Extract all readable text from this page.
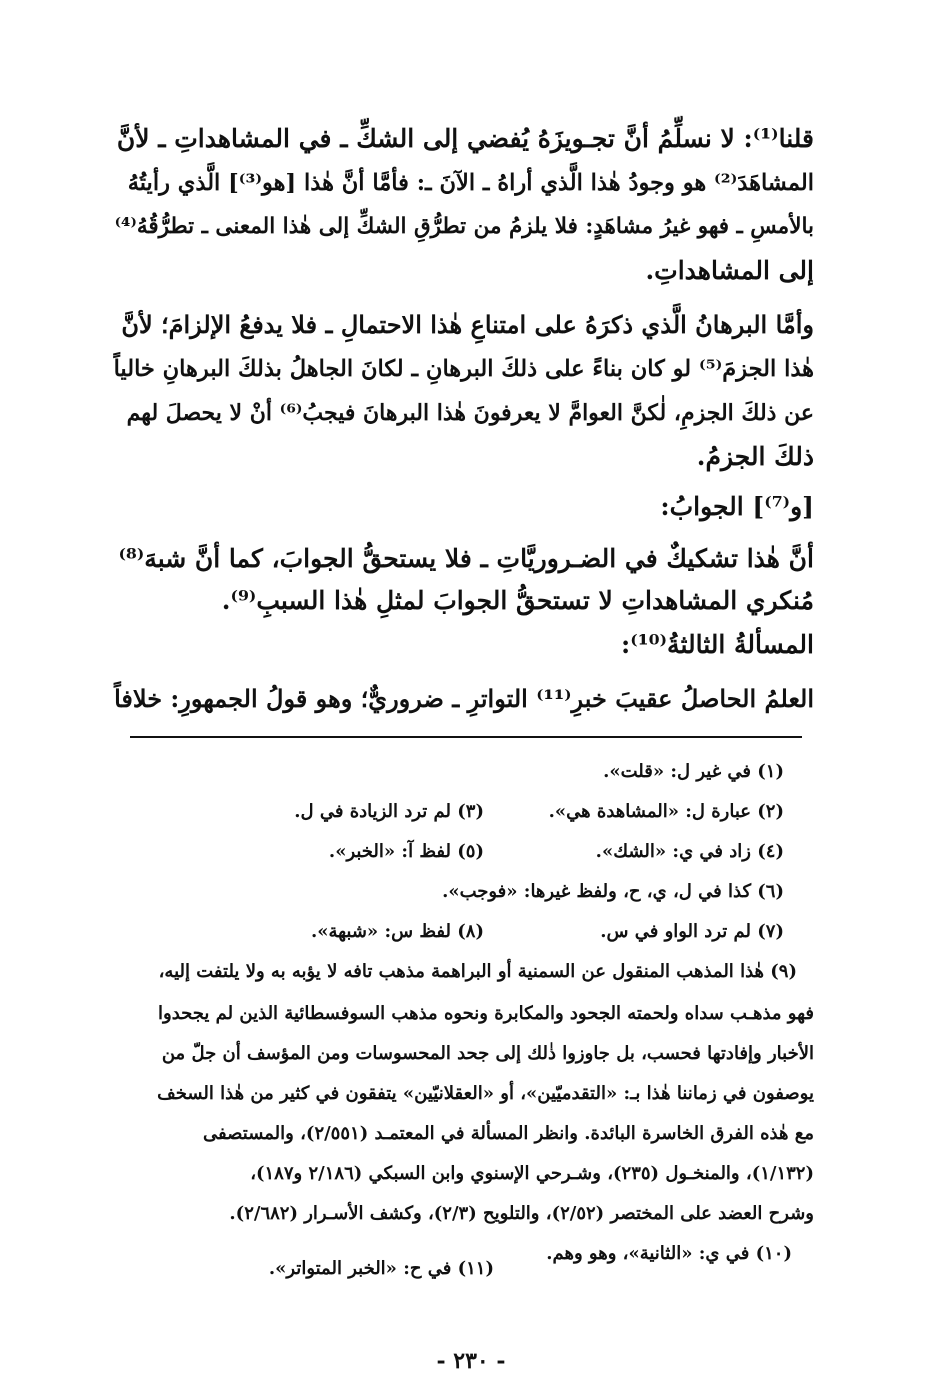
قلنا⁽¹⁾: لا نسلِّمُ أنَّ تجـويزَهُ يُفضي إلى الشكِّ ـ في المشاهداتِ ـ لأنَّ
المشاهَدَ⁽²⁾ هو وجودُ هٰذا الَّذي أراهُ ـ الآنَ ـ: فأمَّا أنَّ هٰذا [هو⁽³⁾] الَّذي رأيتُهُ
بالأمسِ ـ فهو غيرُ مشاهَدٍ: فلا يلزمُ من تطرُّقِ الشكِّ إلى هٰذا المعنى ـ تطرُّقُهُ⁽⁴⁾
إلى المشاهداتِ.
وأمَّا البرهانُ الَّذي ذكرَهُ على امتناعِ هٰذا الاحتمالِ ـ فلا يدفعُ الإلزامَ؛ لأنَّ
هٰذا الجزمَ⁽⁵⁾ لو كان بناءً على ذلكَ البرهانِ ـ لكانَ الجاهلُ بذلكَ البرهانِ خالياً
عن ذلكَ الجزمِ، لٰكنَّ العوامَّ لا يعرفونَ هٰذا البرهانَ فيجبُ⁽⁶⁾ أنْ لا يحصلَ لهم
ذلكَ الجزمُ.
[و⁽⁷⁾] الجوابُ:
أنَّ هٰذا تشكيكٌ في الضـروريَّاتِ ـ فلا يستحقُّ الجوابَ، كما أنَّ شبهَ⁽⁸⁾
مُنكري المشاهداتِ لا تستحقُّ الجوابَ لمثلِ هٰذا السببِ⁽⁹⁾.
المسألةُ الثالثةُ⁽¹⁰⁾:
العلمُ الحاصلُ عقيبَ خبرِ⁽¹¹⁾ التواترِ ـ ضروريٌّ؛ وهو قولُ الجمهورِ: خلافاً
(١) في غير ل: «قلت».
(٢) عبارة ل: «المشاهدة هي».
(٣) لم ترد الزيادة في ل.
(٤) زاد في ي: «الشك».
(٥) لفظ آ: «الخبر».
(٦) كذا في ل، ي، ح، ولفظ غيرها: «فوجب».
(٧) لم ترد الواو في س.
(٨) لفظ س: «شبهة».
(٩) هٰذا المذهب المنقول عن السمنية أو البراهمة مذهب تافه لا يؤبه به ولا يلتفت إليه،
فهو مذهـب سداه ولحمته الجحود والمكابرة ونحوه مذهب السوفسطائية الذين لم يجحدوا
الأخبار وإفادتها فحسب، بل جاوزوا ذٰلك إلى جحد المحسوسات ومن المؤسف أن جلّ من
يوصفون في زماننا هٰذا بـ: «التقدميّين»، أو «العقلانيّين» يتفقون في كثير من هٰذا السخف
مع هٰذه الفرق الخاسرة البائدة. وانظر المسألة في المعتمـد (٢/٥٥١)، والمستصفى
(١/١٣٢)، والمنخـول (٢٣٥)، وشـرحي الإسنوي وابن السبكي (٢/١٨٦ و١٨٧)،
وشرح العضد على المختصر (٢/٥٢)، والتلويح (٢/٣)، وكشف الأسـرار (٢/٦٨٢).
(١٠) في ي: «الثانية»، وهو وهم.
(١١) في ح: «الخبر المتواتر».
- ٢٣٠ -
